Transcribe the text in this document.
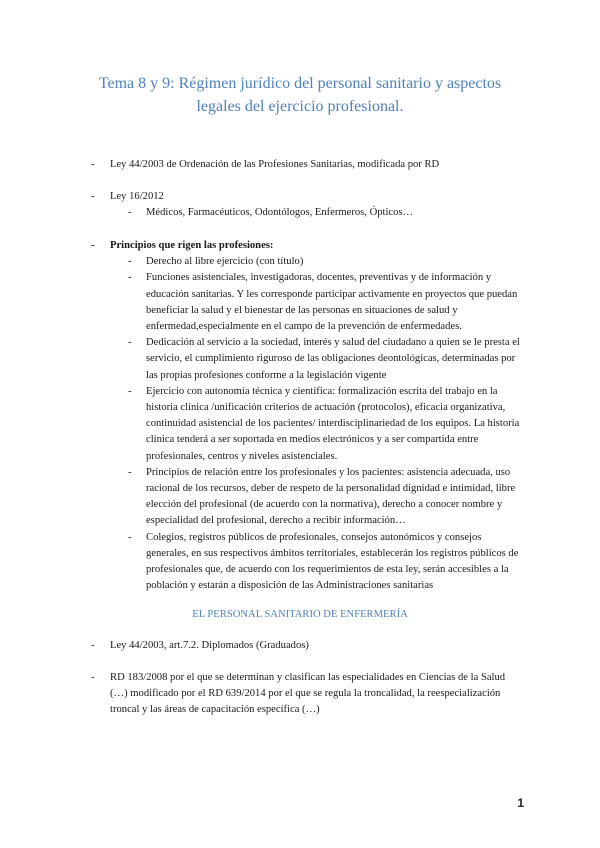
Tema 8 y 9: Régimen jurídico del personal sanitario y aspectos
legales del ejercicio profesional.
- Ley 44/2003 de Ordenación de las Profesiones Sanitarias, modificada por RD
- Ley 16/2012
- Médicos, Farmacéuticos, Odontólogos, Enfermeros, Ópticos…
- Principios que rigen las profesiones:
- Derecho al libre ejercicio (con título)
- Funciones asistenciales, investigadoras, docentes, preventivas y de información y educación sanitarias. Y les corresponde participar activamente en proyectos que puedan beneficiar la salud y el bienestar de las personas en situaciones de salud y enfermedad,especialmente en el campo de la prevención de enfermedades.
- Dedicación al servicio a la sociedad, interés y salud del ciudadano a quien se le presta el servicio, el cumplimiento riguroso de las obligaciones deontológicas, determinadas por las propias profesiones conforme a la legislación vigente
- Ejercicio con autonomía técnica y científica: formalización escrita del trabajo en la historia clínica /unificación criterios de actuación (protocolos), eficacia organizativa, continuidad asistencial de los pacientes/ interdisciplinariedad de los equipos. La historia clínica tenderá a ser soportada en medios electrónicos y a ser compartida entre profesionales, centros y niveles asistenciales.
- Principios de relación entre los profesionales y los pacientes: asistencia adecuada, uso racional de los recursos, deber de respeto de la personalidad dignidad e intimidad, libre elección del profesional (de acuerdo con la normativa), derecho a conocer nombre y especialidad del profesional, derecho a recibir información…
- Colegios, registros públicos de profesionales, consejos autonómicos y consejos generales, en sus respectivos ámbitos territoriales, establecerán los registros públicos de profesionales que, de acuerdo con los requerimientos de esta ley, serán accesibles a la población y estarán a disposición de las Administraciones sanitarias
EL PERSONAL SANITARIO DE ENFERMERÍA
- Ley 44/2003, art.7.2. Diplomados (Graduados)
- RD 183/2008 por el que se determinan y clasifican las especialidades en Ciencias de la Salud (…) modificado por el RD 639/2014 por el que se regula la troncalidad, la reespecialización troncal y las áreas de capacitación específica (…)
1
